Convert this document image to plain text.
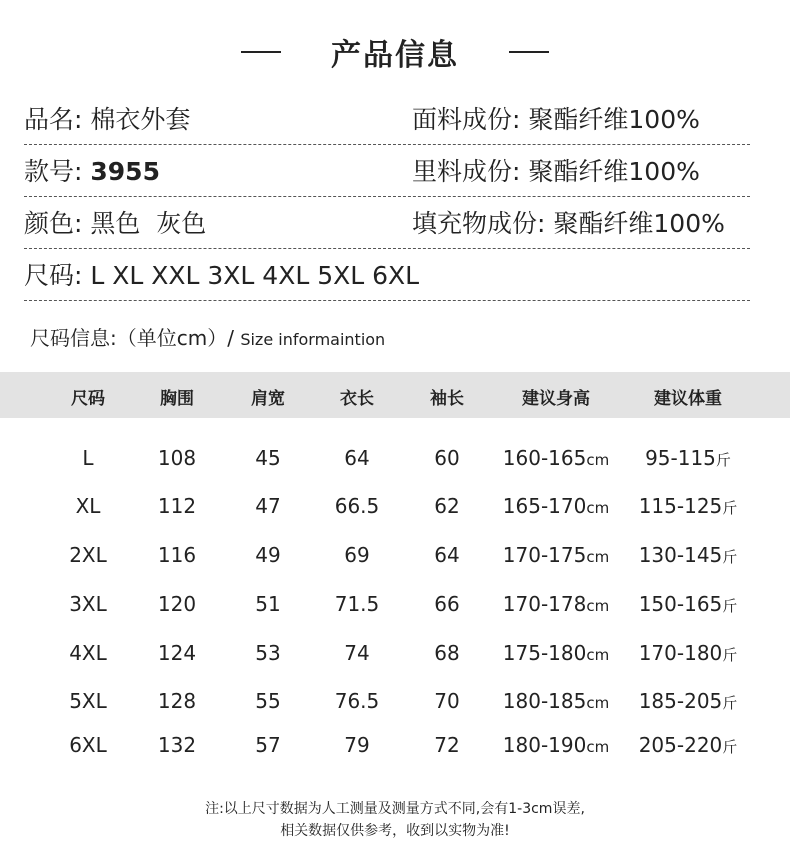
产品信息
品名: 棉衣外套	面料成份: 聚酯纤维100%
款号: 3955	里料成份: 聚酯纤维100%
颜色: 黑色  灰色	填充物成份: 聚酯纤维100%
尺码: L XL XXL 3XL 4XL 5XL 6XL
尺码信息:（单位cm）/ Size informaintion
尺码	胸围	肩宽	衣长	袖长	建议身高	建议体重
L	108	45	64	60 160-165cm 95-115斤
XL	112	47	66.5	62 165-170cm 115-125斤
2XL	116	49	69	64 170-175cm 130-145斤
3XL	120	51	71.5	66 170-178cm 150-165斤
4XL	124	53	74	68 175-180cm 170-180斤
5XL	128	55	76.5	70 180-185cm 185-205斤
6XL	132	57	79	72 180-190cm 205-220斤
注:以上尺寸数据为人工测量及测量方式不同,会有1-3cm误差,
相关数据仅供参考，收到以实物为准!
